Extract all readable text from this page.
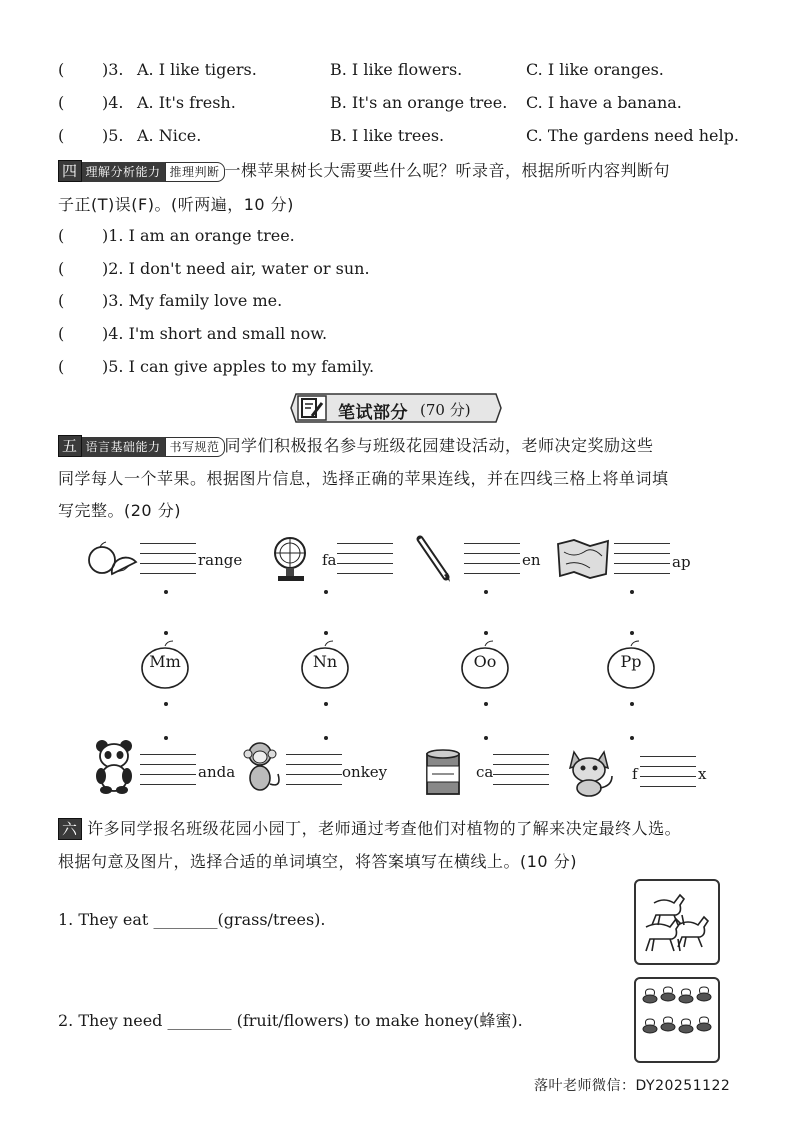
( )3. A. I like tigers.	B. I like flowers.	C. I like oranges.
( )4. A. It's fresh.	B. It's an orange tree. C. I have a banana.
( )5. A. Nice.	B. I like trees.	C. The gardens need help.
四 理解分析能力 推理判断 一棵苹果树长大需要些什么呢？听录音，根据所听内容判断句
子正(T)误(F)。(听两遍，10 分)
( )1. I am an orange tree.
( )2. I don't need air, water or sun.
( )3. My family love me.
( )4. I'm short and small now.
( )5. I can give apples to my family.
笔试部分 (70 分)
五 语言基础能力 书写规范 同学们积极报名参与班级花园建设活动，老师决定奖励这些
同学每人一个苹果。根据图片信息，选择正确的苹果连线，并在四线三格上将单词填
写完整。(20 分)
range	fa	en	ap
Mm	Nn	Oo	Pp
anda	onkey	ca	f	x
六 许多同学报名班级花园小园丁，老师通过考查他们对植物的了解来决定最终人选。
根据句意及图片，选择合适的单词填空，将答案填写在横线上。(10 分)
1. They eat ________(grass/trees).
2. They need ________ (fruit/flowers) to make honey(蜂蜜).
落叶老师微信：DY20251122
